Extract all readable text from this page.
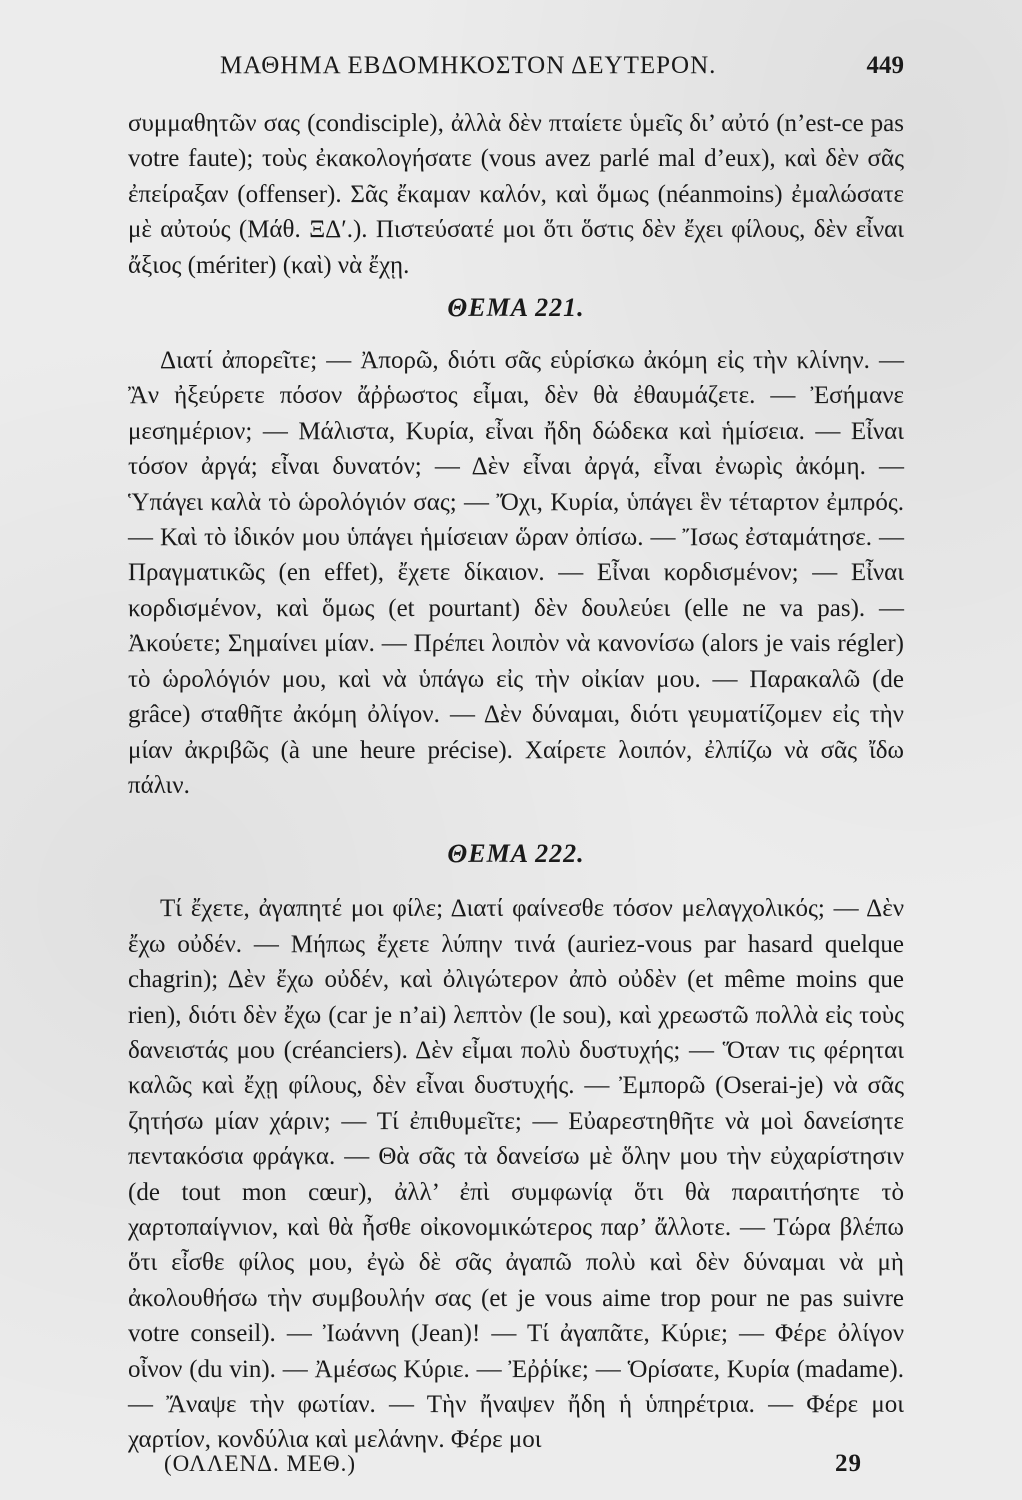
ΜΑΘΗΜΑ ΕΒΔΟΜΗΚΟΣΤΟΝ ΔΕΥΤΕΡΟΝ.	449

συμμαθητῶν σας (condisciple), ἀλλὰ δὲν πταίετε ὑμεῖς δι’ αὐτό (n’est-ce pas votre faute); τοὺς ἐκακολογήσατε (vous avez parlé mal d’eux), καὶ δὲν σᾶς ἐπείραξαν (offenser). Σᾶς ἔκαμαν καλόν, καὶ ὅμως (néanmoins) ἐμαλώσατε μὲ αὐτούς (Μάθ. ΞΔ′.). Πιστεύσατέ μοι ὅτι ὅστις δὲν ἔχει φίλους, δὲν εἶναι ἄξιος (mériter) (καὶ) νὰ ἔχῃ.

ΘΕΜΑ 221.

Διατί ἀπορεῖτε; — Ἀπορῶ, διότι σᾶς εὑρίσκω ἀκόμη εἰς τὴν κλίνην. — Ἂν ἠξεύρετε πόσον ἄῤῥωστος εἶμαι, δὲν θὰ ἐθαυμάζετε. — Ἐσήμανε μεσημέριον; — Μάλιστα, Κυρία, εἶναι ἤδη δώδεκα καὶ ἡμίσεια. — Εἶναι τόσον ἀργά; εἶναι δυνατόν; — Δὲν εἶναι ἀργά, εἶναι ἐνωρὶς ἀκόμη. — Ὑπάγει καλὰ τὸ ὡρολόγιόν σας; — Ὄχι, Κυρία, ὑπάγει ἓν τέταρτον ἐμπρός. — Καὶ τὸ ἰδικόν μου ὑπάγει ἡμίσειαν ὥραν ὀπίσω. — Ἴσως ἐσταμάτησε. — Πραγματικῶς (en effet), ἔχετε δίκαιον. — Εἶναι κορδισμένον; — Εἶναι κορδισμένον, καὶ ὅμως (et pourtant) δὲν δουλεύει (elle ne va pas). — Ἀκούετε; Σημαίνει μίαν. — Πρέπει λοιπὸν νὰ κανονίσω (alors je vais régler) τὸ ὡρολόγιόν μου, καὶ νὰ ὑπάγω εἰς τὴν οἰκίαν μου. — Παρακαλῶ (de grâce) σταθῆτε ἀκόμη ὀλίγον. — Δὲν δύναμαι, διότι γευματίζομεν εἰς τὴν μίαν ἀκριβῶς (à une heure précise). Χαίρετε λοιπόν, ἐλπίζω νὰ σᾶς ἴδω πάλιν.

ΘΕΜΑ 222.

Τί ἔχετε, ἀγαπητέ μοι φίλε; Διατί φαίνεσθε τόσον μελαγχολικός; — Δὲν ἔχω οὐδέν. — Μήπως ἔχετε λύπην τινά (auriez-vous par hasard quelque chagrin); Δὲν ἔχω οὐδέν, καὶ ὀλιγώτερον ἀπὸ οὐδὲν (et même moins que rien), διότι δὲν ἔχω (car je n’ai) λεπτὸν (le sou), καὶ χρεωστῶ πολλὰ εἰς τοὺς δανειστάς μου (créanciers). Δὲν εἶμαι πολὺ δυστυχής; — Ὅταν τις φέρηται καλῶς καὶ ἔχῃ φίλους, δὲν εἶναι δυστυχής. — Ἐμπορῶ (Oserai-je) νὰ σᾶς ζητήσω μίαν χάριν; — Τί ἐπιθυμεῖτε; — Εὐαρεστηθῆτε νὰ μοὶ δανείσητε πεντακόσια φράγκα. — Θὰ σᾶς τὰ δανείσω μὲ ὅλην μου τὴν εὐχαρίστησιν (de tout mon cœur), ἀλλ’ ἐπὶ συμφωνίᾳ ὅτι θὰ παραιτήσητε τὸ χαρτοπαίγνιον, καὶ θὰ ἦσθε οἰκονομικώτερος παρ’ ἄλλοτε. — Τώρα βλέπω ὅτι εἶσθε φίλος μου, ἐγὼ δὲ σᾶς ἀγαπῶ πολὺ καὶ δὲν δύναμαι νὰ μὴ ἀκολουθήσω τὴν συμβουλήν σας (et je vous aime trop pour ne pas suivre votre conseil). — Ἰωάννη (Jean)! — Τί ἀγαπᾶτε, Κύριε; — Φέρε ὀλίγον οἶνον (du vin). — Ἀμέσως Κύριε. — Ἐῤῥίκε; — Ὁρίσατε, Κυρία (madame). — Ἄναψε τὴν φωτίαν. — Τὴν ἤναψεν ἤδη ἡ ὑπηρέτρια. — Φέρε μοι χαρτίον, κονδύλια καὶ μελάνην. Φέρε μοι

(ΟΛΛΕΝΔ. ΜΕΘ.)	29
